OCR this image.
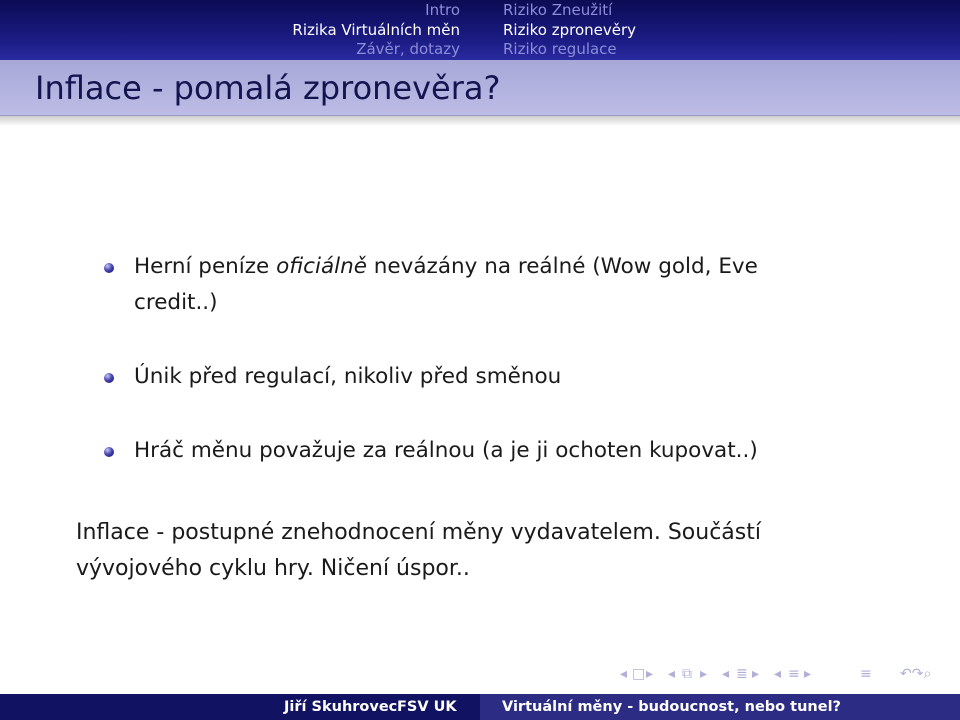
Intro
Rizika Virtuálních měn
Závěr, dotazy
Riziko Zneužití
Riziko zpronevěry
Riziko regulace
Inflace - pomalá zpronevěra?
Herní peníze oficiálně nevázány na reálné (Wow gold, Eve credit..)
Únik před regulací, nikoliv před směnou
Hráč měnu považuje za reálnou (a je ji ochoten kupovat..)

Inflace - postupné znehodnocení měny vydavatelem. Součástí vývojového cyklu hry. Ničení úspor..

◂ □ ▸ ◂ ⧉ ▸ ◂ ≣ ▸ ◂ ≡ ▸	≡ ↶↷⌕
Jiří Skuhrovec FSV UK	Virtuální měny - budoucnost, nebo tunel?
